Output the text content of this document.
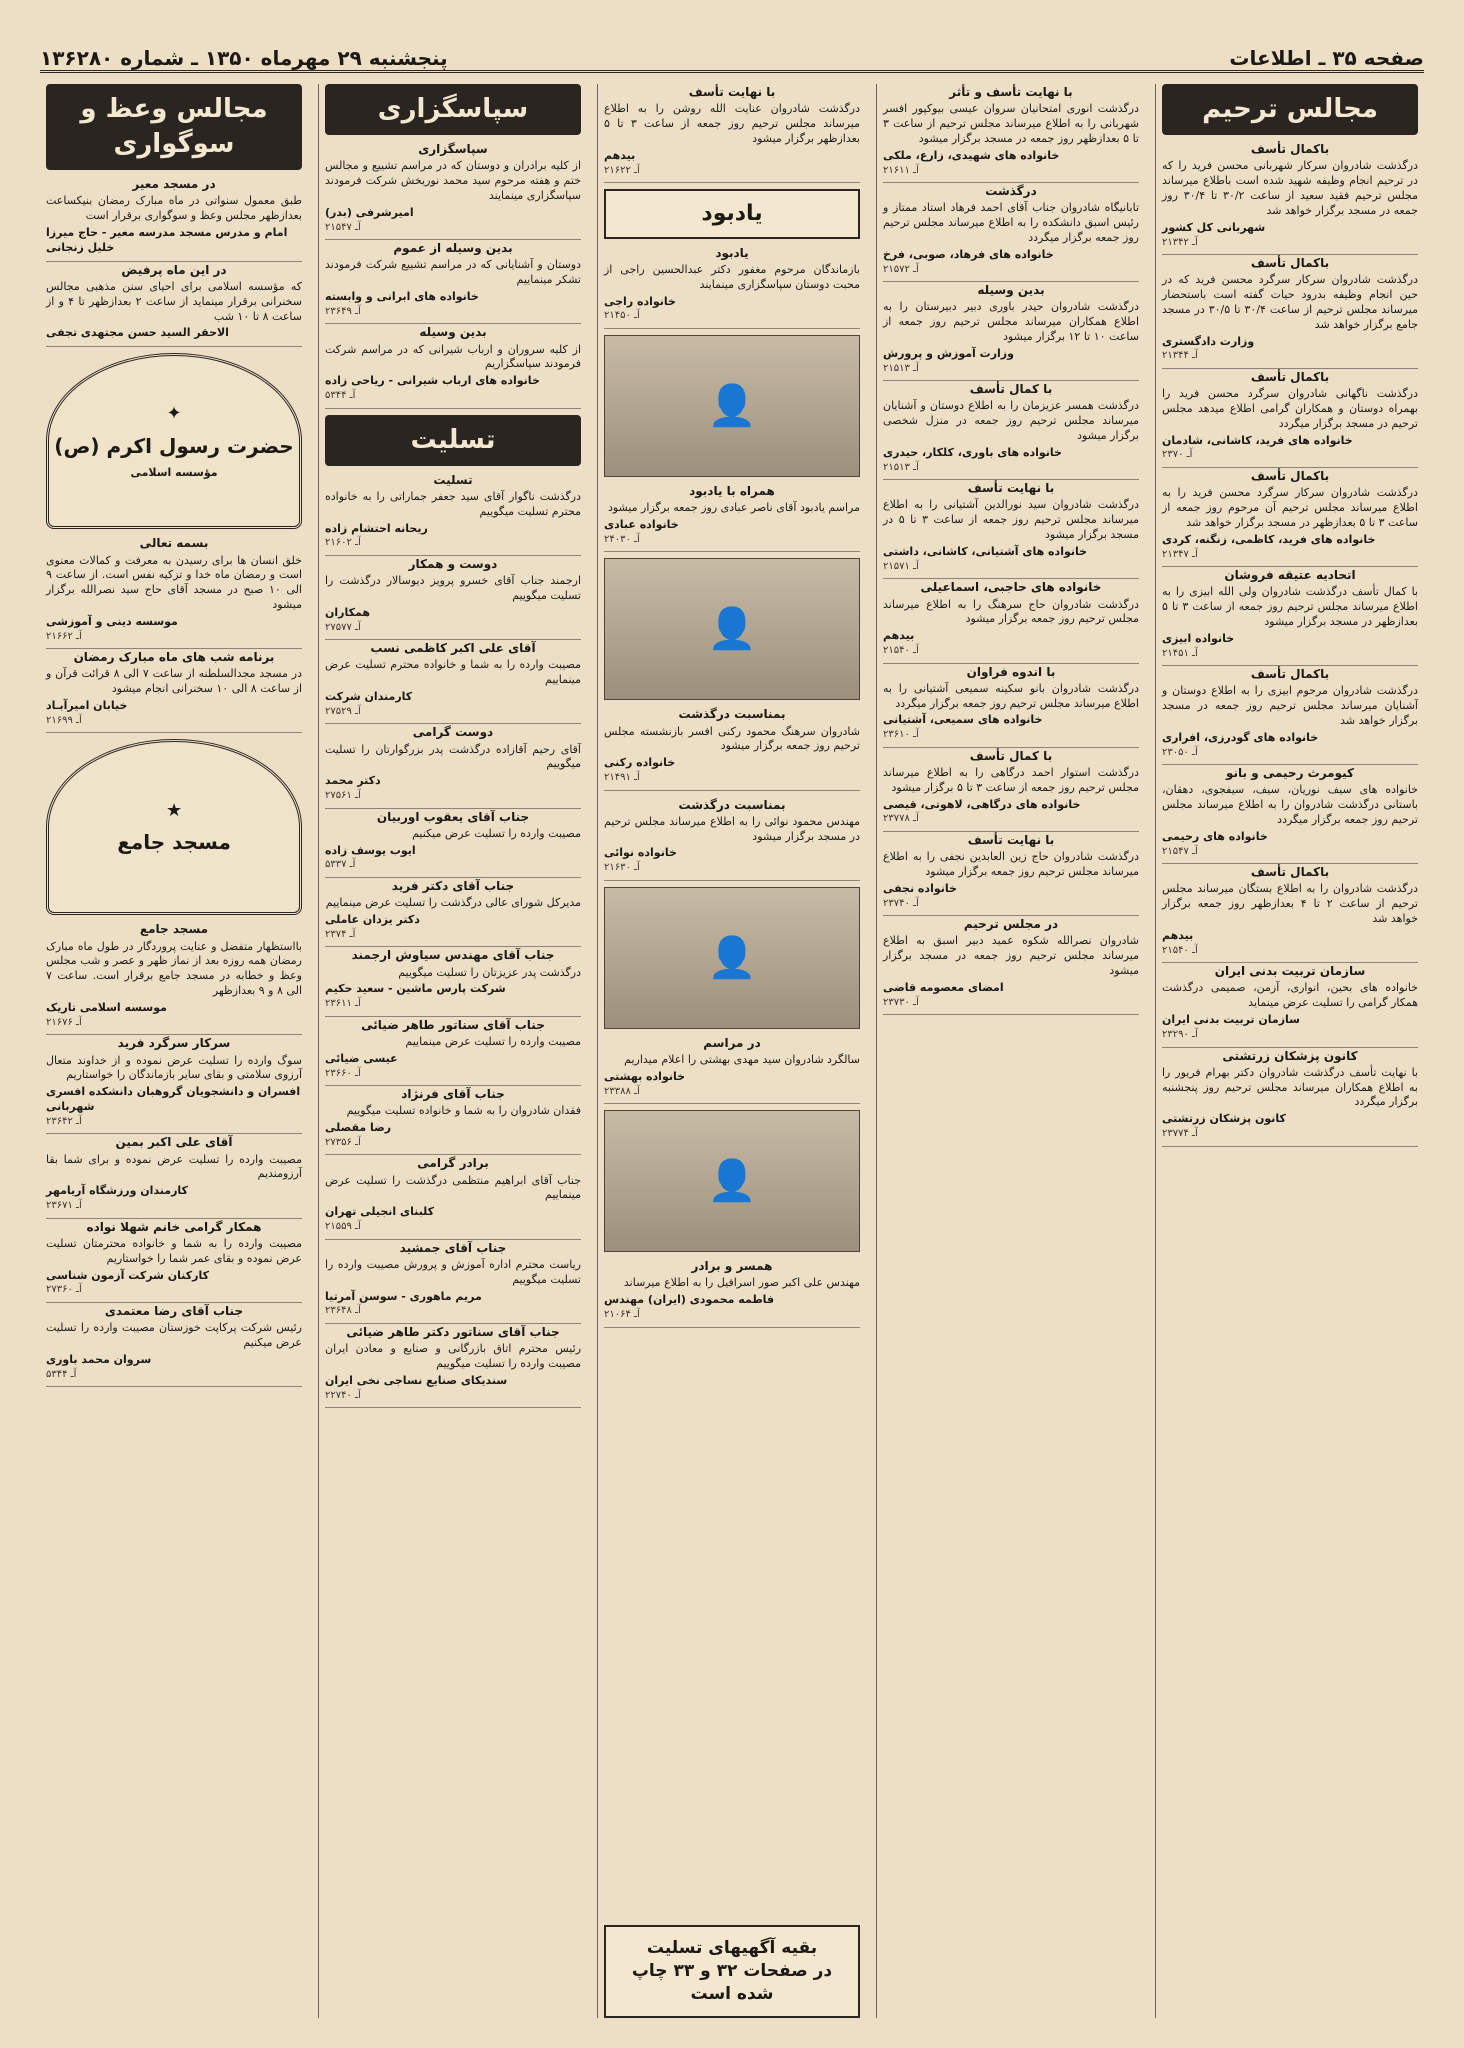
صفحه ۳۵ ـ اطلاعات
پنجشنبه ۲۹ مهرماه ۱۳۵۰ ـ شماره ۱۳۶۲۸۰
مجالس ترحیم
باکمال تأسف
درگذشت شادروان سرکار شهربانی محسن فرید را که در ترحیم انجام وظیفه شهید شده است باطلاع میرساند مجلس ترحیم فقید سعید از ساعت ۳۰/۲ تا ۳۰/۴ روز جمعه در مسجد برگزار خواهد شد
شهربانی کل کشور
آـ ۲۱۳۴۲
باکمال تأسف
درگذشت شادروان سرکار سرگرد محسن فرید که در حین انجام وظیفه بدرود حیات گفته است باستحضار میرساند مجلس ترحیم از ساعت ۳۰/۴ تا ۳۰/۵ در مسجد جامع برگزار خواهد شد
وزارت دادگستری
آـ ۲۱۳۴۴
باکمال تأسف
درگذشت ناگهانی شادروان سرگرد محسن فرید را بهمراه دوستان و همکاران گرامی اطلاع میدهد مجلس ترحیم در مسجد برگزار میگردد
خانواده های فرید، کاشانی، شادمان
آـ ۲۳۷۰
باکمال تأسف
درگذشت شادروان سرکار سرگرد محسن فرید را به اطلاع میرساند مجلس ترحیم آن مرحوم روز جمعه از ساعت ۳ تا ۵ بعدازظهر در مسجد برگزار خواهد شد
خانواده های فرید، کاظمی، زنگنه، کردی
آـ ۲۱۳۴۷
اتحادیه عتیقه فروشان
با کمال تأسف درگذشت شادروان ولی الله ابیزی را به اطلاع میرساند مجلس ترحیم روز جمعه از ساعت ۳ تا ۵ بعدازظهر در مسجد برگزار میشود
خانواده ابیزی
آـ ۲۱۴۵۱
باکمال تأسف
درگذشت شادروان مرحوم ابیزی را به اطلاع دوستان و آشنایان میرساند مجلس ترحیم روز جمعه در مسجد برگزار خواهد شد
خانواده های گودرزی، افراری
آـ ۲۳۰۵۰
کیومرث رحیمی و بانو
خانواده های سیف نوریان، سیف، سیفجوی، دهقان، باستانی درگذشت شادروان را به اطلاع میرساند مجلس ترحیم روز جمعه برگزار میگردد
خانواده های رحیمی
آـ ۲۱۵۴۷
باکمال تأسف
درگذشت شادروان را به اطلاع بستگان میرساند مجلس ترحیم از ساعت ۲ تا ۴ بعدازظهر روز جمعه برگزار خواهد شد
بیدهم
آـ ۲۱۵۴۰
سازمان تربیت بدنی ایران
خانواده های بحین، انواری، آزمن، صمیمی درگذشت همکار گرامی را تسلیت عرض مینماید
سازمان تربیت بدنی ایران
آـ ۲۳۲۹۰
کانون پزشکان زرتشتی
با نهایت تأسف درگذشت شادروان دکتر بهرام فریور را به اطلاع همکاران میرساند مجلس ترحیم روز پنجشنبه برگزار میگردد
کانون پزشکان زرتشتی
آـ ۲۳۷۷۴
با نهایت تأسف و تأثر
درگذشت انوری امتحانیان سروان عیسی بیوکپور افسر شهربانی را به اطلاع میرساند مجلس ترحیم از ساعت ۳ تا ۵ بعدازظهر روز جمعه در مسجد برگزار میشود
خانواده های شهیدی، زارع، ملکی
آـ ۲۱۶۱۱
درگذشت
تابانیگاه شادروان جناب آقای احمد فرهاد استاد ممتاز و رئیس اسبق دانشکده را به اطلاع میرساند مجلس ترحیم روز جمعه برگزار میگردد
خانواده های فرهاد، صوبی، فرخ
آـ ۲۱۵۷۲
بدین وسیله
درگذشت شادروان حیدر باوری دبیر دبیرستان را به اطلاع همکاران میرساند مجلس ترحیم روز جمعه از ساعت ۱۰ تا ۱۲ برگزار میشود
وزارت آموزش و پرورش
آـ ۲۱۵۱۳
با کمال تأسف
درگذشت همسر عزیزمان را به اطلاع دوستان و آشنایان میرساند مجلس ترحیم روز جمعه در منزل شخصی برگزار میشود
خانواده های باوری، کلکار، حیدری
آـ ۲۱۵۱۳
با نهایت تأسف
درگذشت شادروان سید نورالدین آشتیانی را به اطلاع میرساند مجلس ترحیم روز جمعه از ساعت ۳ تا ۵ در مسجد برگزار میشود
خانواده های آشتیانی، کاشانی، داشتی
آـ ۲۱۵۷۱
خانواده های حاجبی، اسماعیلی
درگذشت شادروان حاج سرهنگ را به اطلاع میرساند مجلس ترحیم روز جمعه برگزار میشود
بیدهم
آـ ۲۱۵۴۰
با اندوه فراوان
درگذشت شادروان بانو سکینه سمیعی آشتیانی را به اطلاع میرساند مجلس ترحیم روز جمعه برگزار میگردد
خانواده های سمیعی، آشتیانی
آـ ۲۳۶۱۰
با کمال تأسف
درگذشت استوار احمد درگاهی را به اطلاع میرساند مجلس ترحیم روز جمعه از ساعت ۳ تا ۵ برگزار میشود
خانواده های درگاهی، لاهوتی، قیصی
آـ ۲۳۷۷۸
با نهایت تأسف
درگذشت شادروان حاج زین العابدین نجفی را به اطلاع میرساند مجلس ترحیم روز جمعه برگزار میشود
خانواده نجفی
آـ ۲۳۷۴۰
در مجلس ترحیم
شادروان نصرالله شکوه عمید دبیر اسبق به اطلاع میرساند مجلس ترحیم روز جمعه در مسجد برگزار میشود
امضای معصومه قاضی
آـ ۲۳۷۳۰
با نهایت تأسف
درگذشت شادروان عنایت الله روشن را به اطلاع میرساند مجلس ترحیم روز جمعه از ساعت ۳ تا ۵ بعدازظهر برگزار میشود
بیدهم
آـ ۲۱۶۲۲
یادبود
یادبود
بازماندگان مرحوم مغفور دکتر عبدالحسین راجی از محبت دوستان سپاسگزاری مینمایند
خانواده راجی
آـ ۲۱۴۵۰
👤
همراه با یادبود
مراسم یادبود آقای ناصر عبادی روز جمعه برگزار میشود
خانواده عبادی
آـ ۲۴۰۳۰
👤
بمناسبت درگذشت
شادروان سرهنگ محمود رکنی افسر بازنشسته مجلس ترحیم روز جمعه برگزار میشود
خانواده رکنی
آـ ۲۱۴۹۱
بمناسبت درگذشت
مهندس محمود نوائی را به اطلاع میرساند مجلس ترحیم در مسجد برگزار میشود
خانواده نوائی
آـ ۲۱۶۳۰
👤
در مراسم
سالگرد شادروان سید مهدی بهشتی را اعلام میداریم
خانواده بهشتی
آـ ۲۳۳۸۸
👤
همسر و برادر
مهندس علی اکبر صور اسرافیل را به اطلاع میرساند
فاطمه محمودی (ایران) مهندس
آـ ۲۱۰۶۴
بقیه آگهیهای تسلیت
در صفحات ۳۲ و ۳۳ چاپ شده است
سپاسگزاری
سپاسگزاری
از کلیه برادران و دوستان که در مراسم تشییع و مجالس ختم و هفته مرحوم سید محمد نوریخش شرکت فرمودند سپاسگزاری مینمایند
امیرشرفی (بدر)
آـ ۲۱۵۴۷
بدین وسیله از عموم
دوستان و آشنایانی که در مراسم تشییع شرکت فرمودند تشکر مینماییم
خانواده های ابرانی و وابسته
آـ ۲۳۶۴۹
بدین وسیله
از کلیه سروران و ارباب شیرانی که در مراسم شرکت فرمودند سپاسگزاریم
خانواده های ارباب شیرانی - ریاحی زاده
آـ ۵۳۴۴
تسلیت
تسلیت
درگذشت ناگوار آقای سید جعفر جماراتی را به خانواده محترم تسلیت میگوییم
ریحانه احتشام زاده
آـ ۲۱۶۰۲
دوست و همکار
ارجمند جناب آقای خسرو پرویز دیوسالار درگذشت را تسلیت میگوییم
همکاران
آـ ۲۷۵۷۷
آقای علی اکبر کاظمی نسب
مصیبت وارده را به شما و خانواده محترم تسلیت عرض مینماییم
کارمندان شرکت
آـ ۲۷۵۲۹
دوست گرامی
آقای رحیم آقازاده درگذشت پدر بزرگوارتان را تسلیت میگوییم
دکتر محمد
آـ ۲۷۵۶۱
جناب آقای یعقوب اوربیان
مصیبت وارده را تسلیت عرض میکنیم
ایوب یوسف زاده
آـ ۵۳۳۷
جناب آقای دکتر فرید
مدیرکل شورای عالی درگذشت را تسلیت عرض مینماییم
دکتر یزدان عاملی
آـ ۲۳۷۴
جناب آقای مهندس سیاوش ارجمند
درگذشت پدر عزیزتان را تسلیت میگوییم
شرکت پارس ماشین - سعید حکیم
آـ ۲۳۶۱۱
جناب آقای سناتور طاهر ضیائی
مصیبت وارده را تسلیت عرض مینماییم
عیسی ضیائی
آـ ۲۳۶۶۰
جناب آقای فرنژاد
فقدان شادروان را به شما و خانواده تسلیت میگوییم
رضا مقصلی
آـ ۲۷۳۵۶
برادر گرامی
جناب آقای ابراهیم منتظمی درگذشت را تسلیت عرض مینماییم
کلبنای انجیلی تهران
آـ ۲۱۵۵۹
جناب آقای جمشید
ریاست محترم اداره آموزش و پرورش مصیبت وارده را تسلیت میگوییم
مریم ماهوری - سوسن آمرتیا
آـ ۲۳۶۴۸
جناب آقای سناتور دکتر طاهر ضیائی
رئیس محترم اتاق بازرگانی و صنایع و معادن ایران مصیبت وارده را تسلیت میگوییم
سندیکای صنایع نساجی نخی ایران
آـ ۲۲۷۴۰
مجالس وعظ و سوگواری
در مسجد معیر
طبق معمول سنواتی در ماه مبارک رمضان بنیکساعت بعدازظهر مجلس وعظ و سوگواری برقرار است
امام و مدرس مسجد مدرسه معیر - حاج میرزا خلیل زنجانی
در این ماه پرفیض
که مؤسسه اسلامی برای احیای سنن مذهبی مجالس سخنرانی برقرار مینماید از ساعت ۲ بعدازظهر تا ۴ و از ساعت ۸ تا ۱۰ شب
الاحقر السید حسن مجتهدی تجفی
✦
حضرت رسول اکرم (ص)
مؤسسه اسلامی
بسمه تعالی
خلق انسان ها برای رسیدن به معرفت و کمالات معنوی است و رمضان ماه خدا و تزکیه نفس است. از ساعت ۹ الی ۱۰ صبح در مسجد آقای حاج سید نصرالله برگزار میشود
موسسه دینی و آموزشی
آـ ۲۱۶۶۲
برنامه شب های ماه مبارک رمضان
در مسجد مجدالسلطنه از ساعت ۷ الی ۸ قرائت قرآن و از ساعت ۸ الی ۱۰ سخنرانی انجام میشود
خیابان امیرآبـاد
آـ ۲۱۶۹۹
★
مسجد جامع
مسجد جامع
بااستظهار متفضل و عنایت پروردگار در طول ماه مبارک رمضان همه روزه بعد از نماز ظهر و عصر و شب مجلس وعظ و خطابه در مسجد جامع برقرار است. ساعت ۷ الی ۸ و ۹ بعدازظهر
موسسه اسلامی تاریک
آـ ۲۱۶۷۶
سرکار سرگرد فرید
سوگ وارده را تسلیت عرض نموده و از خداوند متعال آرزوی سلامتی و بقای سایر بازماندگان را خواستاریم
افسران و دانشجویان گروهبان دانشکده افسری شهربانی
آـ ۲۳۶۴۲
آقای علی اکبر بمین
مصیبت وارده را تسلیت عرض نموده و برای شما بقا آرزومندیم
کارمندان ورزشگاه آریامهر
آـ ۲۳۶۷۱
همکار گرامی خانم شهلا نواده
مصیبت وارده را به شما و خانواده محترمتان تسلیت عرض نموده و بقای عمر شما را خواستاریم
کارکنان شرکت آزمون شناسی
آـ ۲۷۳۶۰
جناب آقای رضا معتمدی
رئیس شرکت پرکاپت خوزستان مصیبت وارده را تسلیت عرض میکنیم
سروان محمد باوری
آـ ۵۳۴۴
